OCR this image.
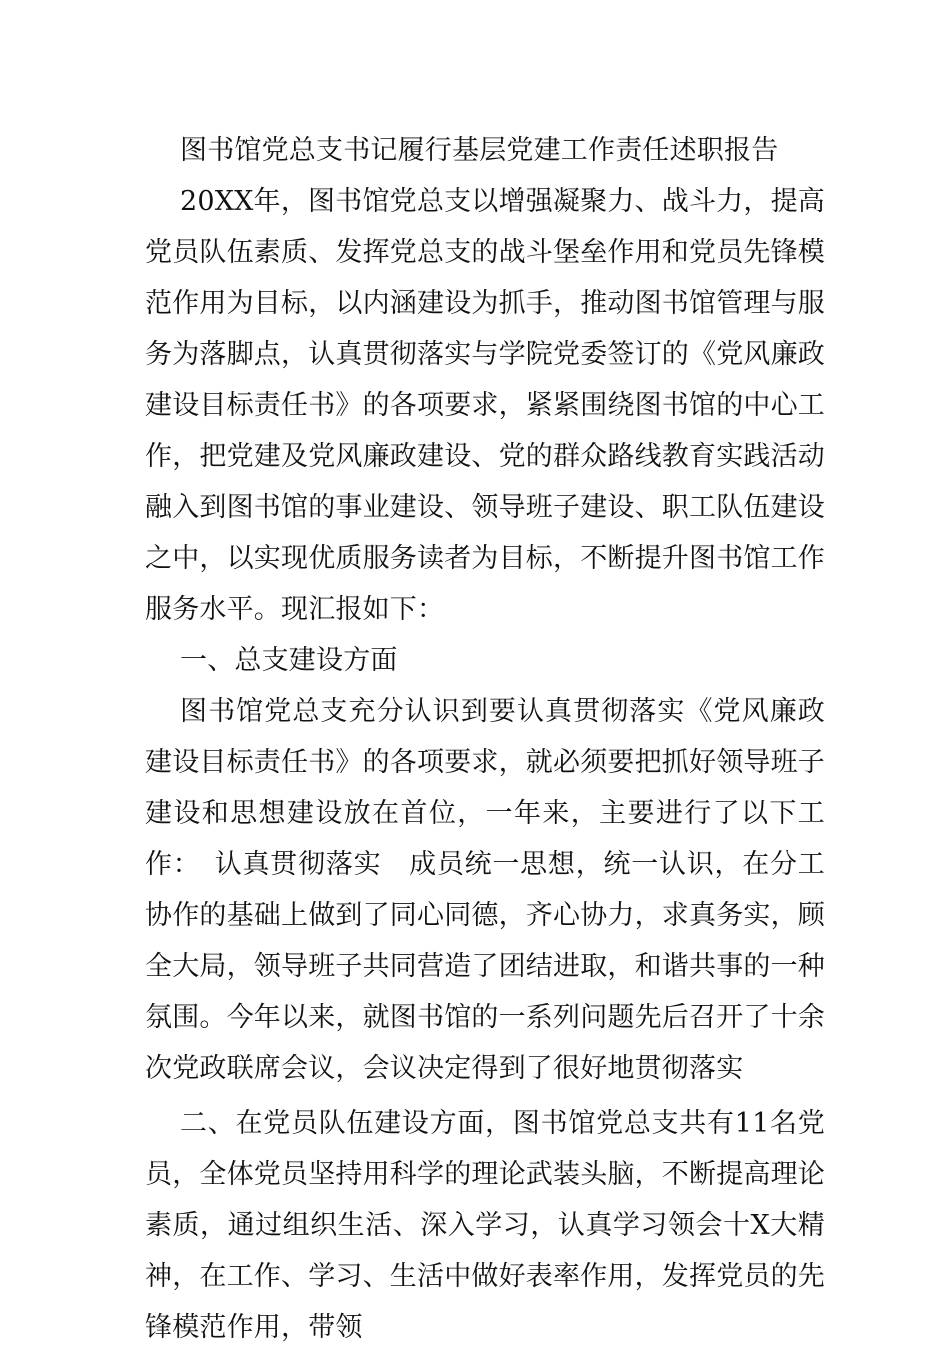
图书馆党总支书记履行基层党建工作责任述职报告

20XX年，图书馆党总支以增强凝聚力、战斗力，提高党员队伍素质、发挥党总支的战斗堡垒作用和党员先锋模范作用为目标，以内涵建设为抓手，推动图书馆管理与服务为落脚点，认真贯彻落实与学院党委签订的《党风廉政建设目标责任书》的各项要求，紧紧围绕图书馆的中心工作，把党建及党风廉政建设、党的群众路线教育实践活动融入到图书馆的事业建设、领导班子建设、职工队伍建设之中，以实现优质服务读者为目标，不断提升图书馆工作服务水平。现汇报如下：

一、总支建设方面

图书馆党总支充分认识到要认真贯彻落实《党风廉政建设目标责任书》的各项要求，就必须要把抓好领导班子建设和思想建设放在首位，一年来，主要进行了以下工作：　认真贯彻落实　成员统一思想，统一认识，在分工协作的基础上做到了同心同德，齐心协力，求真务实，顾全大局，领导班子共同营造了团结进取，和谐共事的一种氛围。今年以来，就图书馆的一系列问题先后召开了十余次党政联席会议，会议决定得到了很好地贯彻落实

二、在党员队伍建设方面，图书馆党总支共有11名党员，全体党员坚持用科学的理论武装头脑，不断提高理论素质，通过组织生活、深入学习，认真学习领会十X大精神，在工作、学习、生活中做好表率作用，发挥党员的先锋模范作用，带领
